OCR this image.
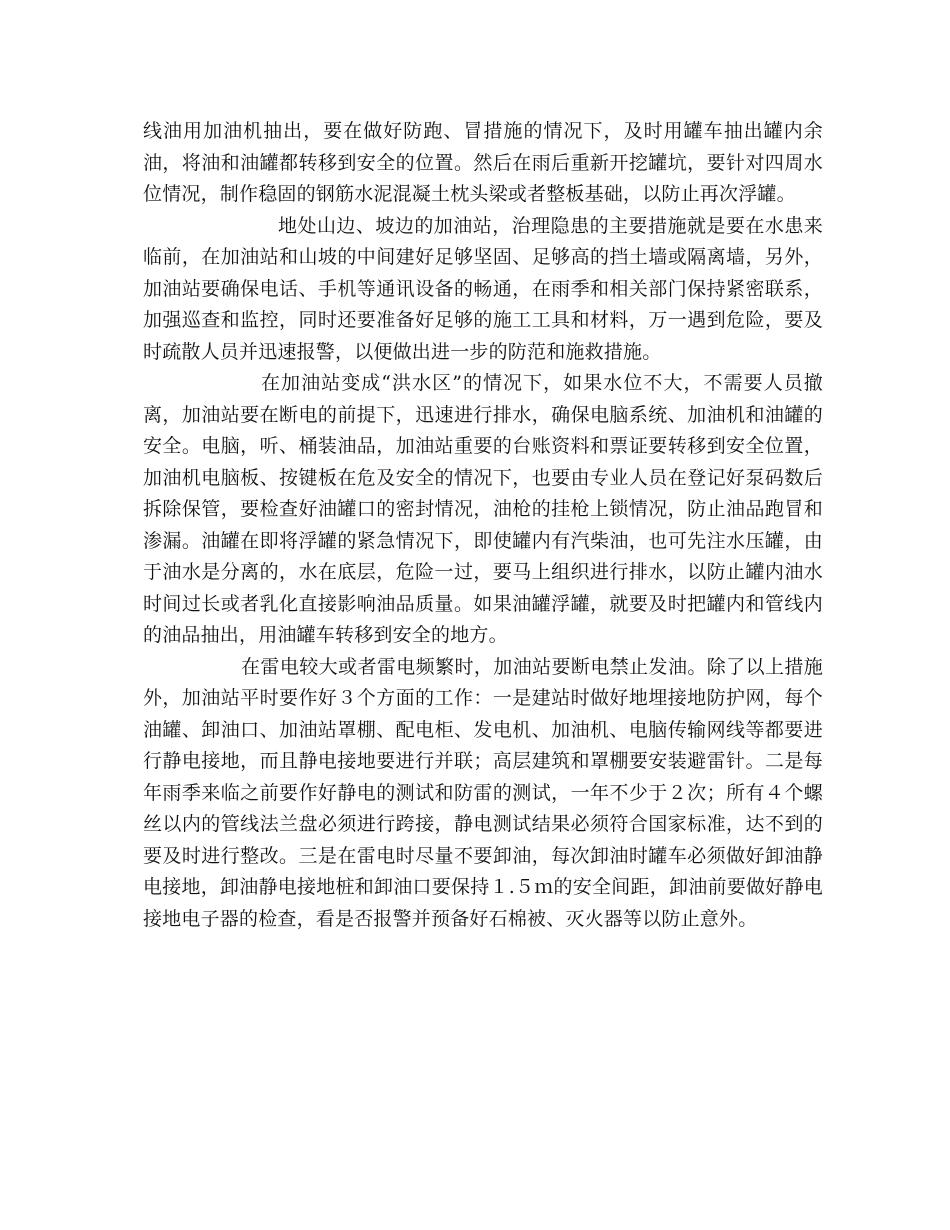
线油用加油机抽出，要在做好防跑、冒措施的情况下，及时用罐车抽出罐内余油，将油和油罐都转移到安全的位置。然后在雨后重新开挖罐坑，要针对四周水位情况，制作稳固的钢筋水泥混凝土枕头梁或者整板基础，以防止再次浮罐。

地处山边、坡边的加油站，治理隐患的主要措施就是要在水患来临前，在加油站和山坡的中间建好足够坚固、足够高的挡土墙或隔离墙，另外，加油站要确保电话、手机等通讯设备的畅通，在雨季和相关部门保持紧密联系，加强巡查和监控，同时还要准备好足够的施工工具和材料，万一遇到危险，要及时疏散人员并迅速报警，以便做出进一步的防范和施救措施。

在加油站变成“洪水区”的情况下，如果水位不大，不需要人员撤离，加油站要在断电的前提下，迅速进行排水，确保电脑系统、加油机和油罐的安全。电脑，听、桶装油品，加油站重要的台账资料和票证要转移到安全位置，加油机电脑板、按键板在危及安全的情况下，也要由专业人员在登记好泵码数后拆除保管，要检查好油罐口的密封情况，油枪的挂枪上锁情况，防止油品跑冒和渗漏。油罐在即将浮罐的紧急情况下，即使罐内有汽柴油，也可先注水压罐，由于油水是分离的，水在底层，危险一过，要马上组织进行排水，以防止罐内油水时间过长或者乳化直接影响油品质量。如果油罐浮罐，就要及时把罐内和管线内的油品抽出，用油罐车转移到安全的地方。

在雷电较大或者雷电频繁时，加油站要断电禁止发油。除了以上措施外，加油站平时要作好３个方面的工作：一是建站时做好地埋接地防护网，每个油罐、卸油口、加油站罩棚、配电柜、发电机、加油机、电脑传输网线等都要进行静电接地，而且静电接地要进行并联；高层建筑和罩棚要安装避雷针。二是每年雨季来临之前要作好静电的测试和防雷的测试，一年不少于２次；所有４个螺丝以内的管线法兰盘必须进行跨接，静电测试结果必须符合国家标准，达不到的要及时进行整改。三是在雷电时尽量不要卸油，每次卸油时罐车必须做好卸油静电接地，卸油静电接地桩和卸油口要保持１.５ｍ的安全间距，卸油前要做好静电接地电子器的检查，看是否报警并预备好石棉被、灭火器等以防止意外。
